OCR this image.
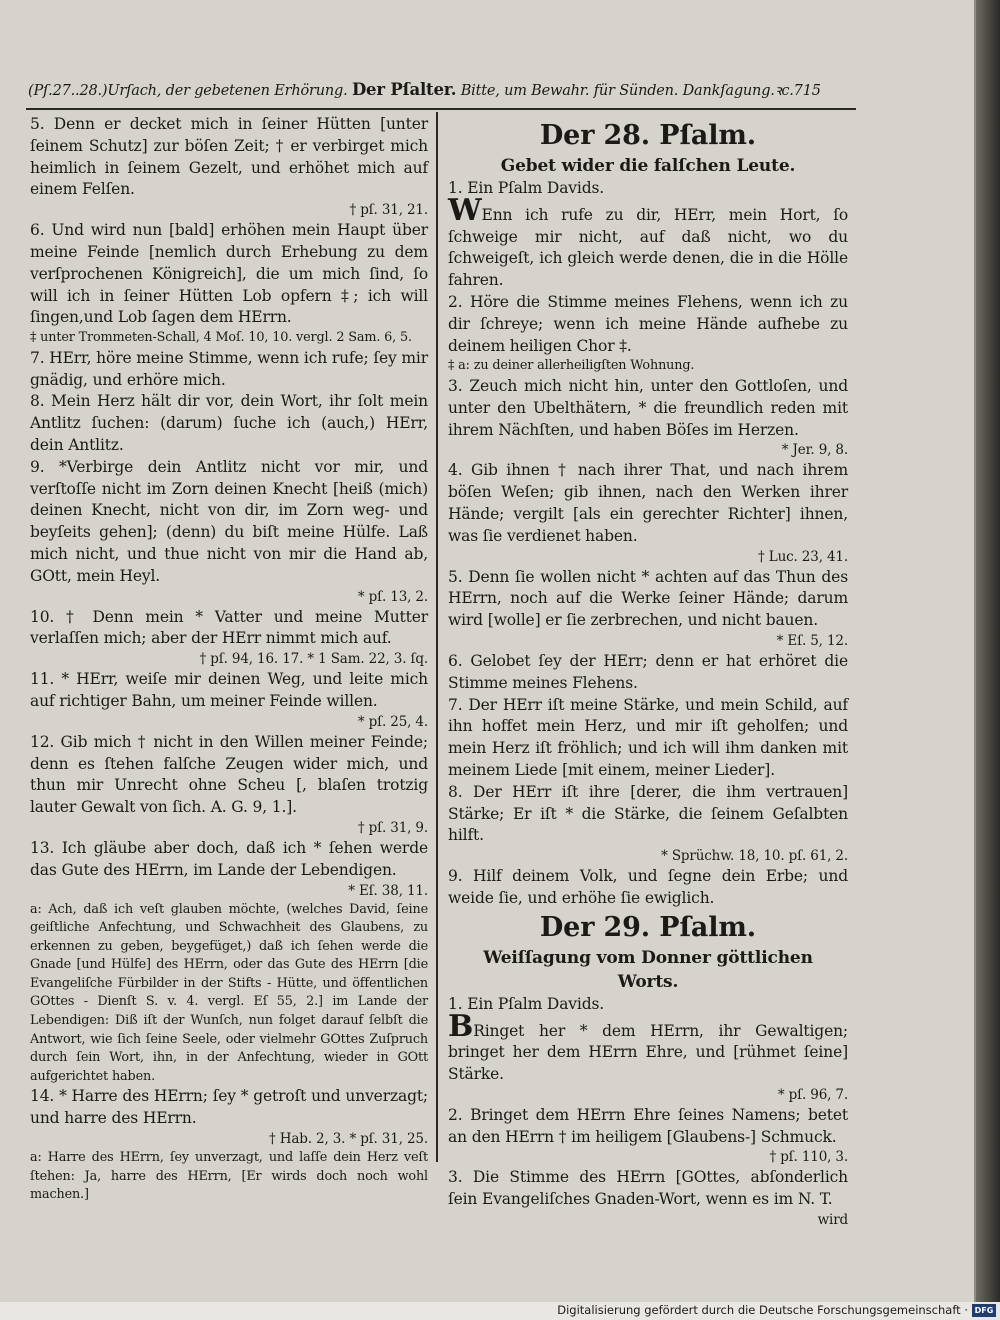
(Pſ.27..28.)Urſach, der gebetenen Erhörung. Der Pſalter. Bitte, um Bewahr. für Sünden. Dankſagung.ꝛc.715

5. Denn er decket mich in ſeiner Hütten [unter ſeinem Schutz] zur böſen Zeit; † er verbirget mich heimlich in ſeinem Gezelt, und erhöhet mich auf einem Felſen.

† pſ. 31, 21.

6. Und wird nun [bald] erhöhen mein Haupt über meine Feinde [nemlich durch Erhebung zu dem verſprochenen Königreich], die um mich ſind, ſo will ich in ſeiner Hütten Lob opfern ‡; ich will ſingen,und Lob ſagen dem HErrn.

‡ unter Trommeten-Schall, 4 Moſ. 10, 10. vergl. 2 Sam. 6, 5.

7. HErr, höre meine Stimme, wenn ich rufe; ſey mir gnädig, und erhöre mich.

8. Mein Herz hält dir vor, dein Wort, ihr ſolt mein Antlitz ſuchen: (darum) ſuche ich (auch,) HErr, dein Antlitz.

9. *Verbirge dein Antlitz nicht vor mir, und verſtoſſe nicht im Zorn deinen Knecht [heiß (mich) deinen Knecht, nicht von dir, im Zorn weg- und beyſeits gehen]; (denn) du biſt meine Hülfe. Laß mich nicht, und thue nicht von mir die Hand ab, GOtt, mein Heyl.

* pſ. 13, 2.

10. † Denn mein * Vatter und meine Mutter verlaſſen mich; aber der HErr nimmt mich auf.

† pſ. 94, 16. 17. * 1 Sam. 22, 3. ſq.

11. * HErr, weiſe mir deinen Weg, und leite mich auf richtiger Bahn, um meiner Feinde willen.

* pſ. 25, 4.

12. Gib mich † nicht in den Willen meiner Feinde; denn es ſtehen falſche Zeugen wider mich, und thun mir Unrecht ohne Scheu [, blaſen trotzig lauter Gewalt von ſich. A. G. 9, 1.].

† pſ. 31, 9.

13. Ich gläube aber doch, daß ich * ſehen werde das Gute des HErrn, im Lande der Lebendigen.

* Eſ. 38, 11.

a: Ach, daß ich veſt glauben möchte, (welches David, ſeine geiſtliche Anfechtung, und Schwachheit des Glaubens, zu erkennen zu geben, beygefüget,) daß ich ſehen werde die Gnade [und Hülfe] des HErrn, oder das Gute des HErrn [die Evangeliſche Fürbilder in der Stifts - Hütte, und öffentlichen GOttes - Dienſt S. v. 4. vergl. Eſ 55, 2.] im Lande der Lebendigen: Diß iſt der Wunſch, nun folget darauf ſelbſt die Antwort, wie ſich ſeine Seele, oder vielmehr GOttes Zuſpruch durch ſein Wort, ihn, in der Anfechtung, wieder in GOtt aufgerichtet haben.

14. * Harre des HErrn; ſey * getroſt und unverzagt; und harre des HErrn.

† Hab. 2, 3. * pſ. 31, 25.

a: Harre des HErrn, ſey unverzagt, und laſſe dein Herz veſt ſtehen: Ja, harre des HErrn, [Er wirds doch noch wohl machen.]

Der 28. Pſalm.

Gebet wider die falſchen Leute.

1. Ein Pſalm Davids.

WEnn ich rufe zu dir, HErr, mein Hort, ſo ſchweige mir nicht, auf daß nicht, wo du ſchweigeſt, ich gleich werde denen, die in die Hölle fahren.

2. Höre die Stimme meines Flehens, wenn ich zu dir ſchreye; wenn ich meine Hände aufhebe zu deinem heiligen Chor ‡.

‡ a: zu deiner allerheiligſten Wohnung.

3. Zeuch mich nicht hin, unter den Gottloſen, und unter den Ubelthätern, * die freundlich reden mit ihrem Nächſten, und haben Böſes im Herzen.

* Jer. 9, 8.

4. Gib ihnen † nach ihrer That, und nach ihrem böſen Weſen; gib ihnen, nach den Werken ihrer Hände; vergilt [als ein gerechter Richter] ihnen, was ſie verdienet haben.

† Luc. 23, 41.

5. Denn ſie wollen nicht * achten auf das Thun des HErrn, noch auf die Werke ſeiner Hände; darum wird [wolle] er ſie zerbrechen, und nicht bauen.

* Eſ. 5, 12.

6. Gelobet ſey der HErr; denn er hat erhöret die Stimme meines Flehens.

7. Der HErr iſt meine Stärke, und mein Schild, auf ihn hoffet mein Herz, und mir iſt geholfen; und mein Herz iſt fröhlich; und ich will ihm danken mit meinem Liede [mit einem, meiner Lieder].

8. Der HErr iſt ihre [derer, die ihm vertrauen] Stärke; Er iſt * die Stärke, die ſeinem Geſalbten hilft.

* Sprüchw. 18, 10. pſ. 61, 2.

9. Hilf deinem Volk, und ſegne dein Erbe; und weide ſie, und erhöhe ſie ewiglich.

Der 29. Pſalm.

Weiſſagung vom Donner göttlichen

Worts.

1. Ein Pſalm Davids.

BRinget her * dem HErrn, ihr Gewaltigen; bringet her dem HErrn Ehre, und [rühmet ſeine] Stärke.

* pſ. 96, 7.

2. Bringet dem HErrn Ehre ſeines Namens; betet an den HErrn † im heiligem [Glaubens-] Schmuck.

† pſ. 110, 3.

3. Die Stimme des HErrn [GOttes, abſonderlich ſein Evangeliſches Gnaden-Wort, wenn es im N. T.

wird

Digitalisierung gefördert durch die Deutsche Forschungsgemeinschaft · DFG
